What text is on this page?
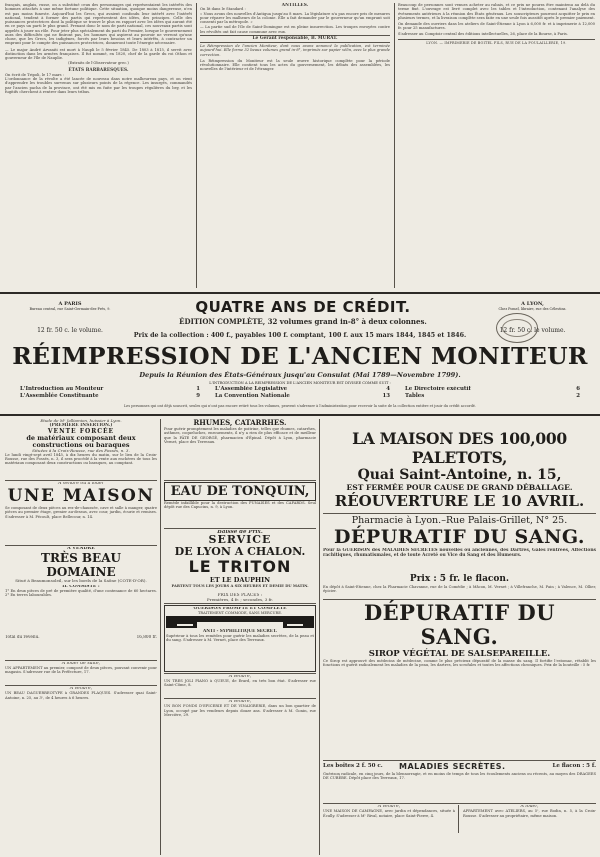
français, anglais, russe, on a substitué ceux des personnages qui représentaient les intérêts des hommes attachés à une même fortune politique. Cette situation, quoique moins dangereuse, n'en est pas moins funeste. Aujourd'hui les Grecs, qui avaient confondu leur intérêt avec l'intérêt national, tendent à former des partis qui représentent des idées, des principes. Celle des puissances protectrices dont la politique se trouve le plus en rapport avec les idées qui auront été en ce pays un parti le plus grand. Prenant donc le nom de parti national, ces nouveaux partis sont appelés à jouer un rôle. Pour jeter plus spécialement du parti du Premier, lorsque le gouvernement aura des difficultés qui ne finiront pas, les hommes qui aspirent au pouvoir ne verront qu'une chose, que les Grecs, les indigènes, forcés par leurs besoins et leurs intérêts, à contracter un emprunt pour le compte des puissances protectrices, donneront toute l'énergie nécessaire.

— Le major André Arvaniti est mort à Naupli le 5 février 1845. De 1803 à 1815, il servit avec distinction dans les armées françaises. Il fut nommé, en 1820, chef de la garde du roi Othon et gouverneur de l'île de Nauplie.

(Extraits de l'Observateur grec.)

ÉTATS BARBARESQUES.

On écrit de Tripoli, le 17 mars :

L'ordonnance de la révolte a été lancée de nouveau dans notre malheureux pays, et on vient d'apprendre les troubles survenus sur plusieurs points de la régence. Les insurgés, commandés par l'ancien pacha de la province, ont été mis en fuite par les troupes régulières du bey, et les fugitifs cherchent à rentrer dans leurs tribus.

ANTILLES.

On lit dans le Standard :

« Nous avons des nouvelles d'Antigua jusqu'au 8 mars. La législature n'a pas encore pris de mesures pour réparer les malheurs de la colonie. Elle a fait demander par le gouverneur qu'un emprunt soit consenti par la métropole. »

— La partie sud de l'île de Saint-Domingue est en pleine insurrection. Les troupes envoyées contre les révoltés ont fait cause commune avec eux.

Le Gérant responsable, B. MURAT.

La Réimpression de l'ancien Moniteur, dont nous avons annoncé la publication, est terminée aujourd'hui. Elle forme 32 beaux volumes grand in-8°, imprimés sur papier vélin, avec la plus grande correction.

La Réimpression du Moniteur est la seule œuvre historique complète pour la période révolutionnaire. Elle contient tous les actes du gouvernement, les débats des assemblées, les nouvelles de l'intérieur et de l'étranger.

Beaucoup de personnes sont venues acheter au rabais, et ce prix ne pourra être maintenu au delà du terme fixé. L'ouvrage est livré complet avec les tables et l'introduction, contenant l'analyse des événements antérieurs à la réunion des États généraux. Les souscripteurs pourront acquitter le prix en plusieurs termes, et la livraison complète sera faite en une seule fois aussitôt après le premier paiement.

On demande des ouvriers dans les ateliers de Saint-Étienne à Lyon à 6,000 fr. et à imprimerie à 12,000 fr. pour 25 manufactures.

S'adresser au Comptoir central des éditions intellectuelles, 26, place de la Bourse, à Paris.

LYON. — IMPRIMERIE DE BOITEL FILS, RUE DE LA POULAILLERIE, 19.

A PARIS
Bureau central, rue Saint-Germain-des-Prés, 9.	QUATRE ANS DE CRÉDIT.
ÉDITION COMPLÈTE, 32 volumes grand in-8° à deux colonnes.
A LYON,
Chez Pomel, libraire, rue des Célestins.
12 fr. 50 c. le volume.	12 fr. 50 c. le volume.
Prix de la collection : 400 f., payables 100 f. comptant, 100 f. aux 15 mars 1844, 1845 et 1846.
RÉIMPRESSION DE L'ANCIEN MONITEUR
Depuis la Réunion des États-Généraux jusqu'au Consulat (Mai 1789—Novembre 1799).
L'INTRODUCTION A LA RÉIMPRESSION DE L'ANCIEN MONITEUR EST DIVISÉE COMME SUIT :
L'Introduction au Moniteur	1	L'Assemblée Législative	4	Le Directoire exécutif	6
L'Assemblée Constituante	9	La Convention Nationale	13	Tables	2
Les personnes qui ont déjà souscrit, seules qui n'ont pas encore retiré tous les volumes, peuvent s'adresser à l'administration pour recevoir la suite de la collection entière et jouir du crédit accordé.
Étude de Mᵉ Jalliamion, huissier à Lyon.
(PREMIÈRE INSERTION.)
VENTE FORCÉE
de matériaux composant deux constructions ou baraques
Situées à la Croix-Rousse, rue des Fossés, n. 3.
Le lundi vingt-sept avril 1845, à dix heures du matin, sur le lieu de la Croix-Rousse, rue des Fossés, n. 3, il sera procédé à la vente aux enchères de tous les matériaux composant deux constructions ou baraques, au comptant.
A vendre ou à louer
UNE MAISON
Se composant de deux pièces au rez-de-chaussée, cave et salle à manger, quatre pièces au premier étage, grenier au-dessus, avec cour, jardin, écurie et remises. S'adresser à M. Pécoult, place Bellecour, n. 14.
A VENDRE
TRÈS BEAU DOMAINE
Situé à Beaumonsoleil, sur les bords de la Saône (CÔTE-D'OR).
IL CONSISTE :
1° En deux pièces de pré de première qualité, d'une contenance de 60 hectares. 2° En terres labourables.
Total du revenu.	16,800 fr.
A louer de suite,
UN APPARTEMENT au premier, composé de deux pièces, pouvant convenir pour magasin. S'adresser rue de la Préfecture, 17.
A vendre,
UN BEAU DAGUERRÉOTYPE à GRANDES PLAQUES. S'adresser quai Saint-Antoine, n. 25, au 3ᵉ, de 4 heures à 6 heures.
RHUMES, CATARRHES.
Pour guérir promptement les maladies de poitrine, telles que rhumes, catarrhes, asthmes, coqueluches, enrouements, il n'y a rien de plus efficace et de meilleur que la PÂTE DE GEORGÉ, pharmacien d'Épinal. Dépôt à Lyon, pharmacie Vernet, place des Terreaux.
EAU DE TONQUIN,
Remède infaillible pour la destruction des PUNAISES et des CAFARDS. Seul dépôt rue des Capucins, n. 9, à Lyon.
Baisse de Prix.
SERVICE
DE LYON A CHALON.
LE TRITON
ET LE DAUPHIN
PARTENT TOUS LES JOURS A SIX HEURES ET DEMIE DU MATIN.
PRIX DES PLACES :
Premières, 4 fr. ; secondes, 3 fr.
GUÉRISON PROMPTE ET COMPLÈTE
TRAITEMENT COMMODE, SANS MERCURE.
ANTI - SYPHILITIQUE SECRET.
Supérieur à tous les remèdes pour guérir les maladies secrètes, de la peau et du sang. S'adresser à M. Vernet, place des Terreaux.
A vendre,
UN TRÈS JOLI PIANO à QUEUE, de Érard, en très bon état. S'adresser rue Saint-Côme, 8.
A vendre,
UN BON FONDS D'ÉPICERIE ET DE VINAIGRERIE, dans un bon quartier de Lyon, occupé par les vendeurs depuis douze ans. S'adresser à M. Gonin, rue Mercière, 29.
LA MAISON DES 100,000 PALETOTS,
Quai Saint-Antoine, n. 15,
EST FERMÉE POUR CAUSE DE GRAND DÉBALLAGE.
RÉOUVERTURE LE 10 AVRIL.
Pharmacie à Lyon.–Rue Palais-Grillet, N° 25.
DÉPURATIF DU SANG.
Pour la GUÉRISON des MALADIES SECRÈTES nouvelles ou anciennes, des Dartres, Gales rentrées, Affections rachitiques, rhumatismales, et de toute Acreté ou Vice du Sang et des Humeurs.
Prix : 5 fr. le flacon.
En dépôt à Saint-Étienne, chez la Pharmacie Chavanne, rue de la Comédie ; à Mâcon, M. Vernet ; à Villefranche, M. Pain ; à Valence, M. Ollier, épicier.
DÉPURATIF DU SANG.
SIROP VÉGÉTAL DE SALSEPAREILLE.
Ce Sirop est approuvé des médecins de médecine, comme le plus précieux dépuratif de la masse du sang. Il fortifie l'estomac, rétablit les fonctions et guérit radicalement les maladies de la peau, les dartres, les scrofules et toutes les affections chroniques. Prix de la bouteille : 5 fr.
Les boîtes 2 f. 50 c. MALADIES SECRÈTES.	Le flacon : 5 f.
Guérison radicale, en cinq jours, de la blennorragie, et en moins de temps de tous les écoulements anciens ou récents, au moyen des DRAGÉES DE CUBÈBE. Dépôt place des Terreaux, 17.
A vendre,
UNE MAISON DE CAMPAGNE, avec jardin et dépendances, située à Écully. S'adresser à Mᵉ Rival, notaire, place Saint-Pierre, 4.
A louer,
APPARTEMENT avec ATELIERS, au 5ᵉ, rue Bodin, n. 5, à la Croix-Rousse. S'adresser au propriétaire, même maison.
